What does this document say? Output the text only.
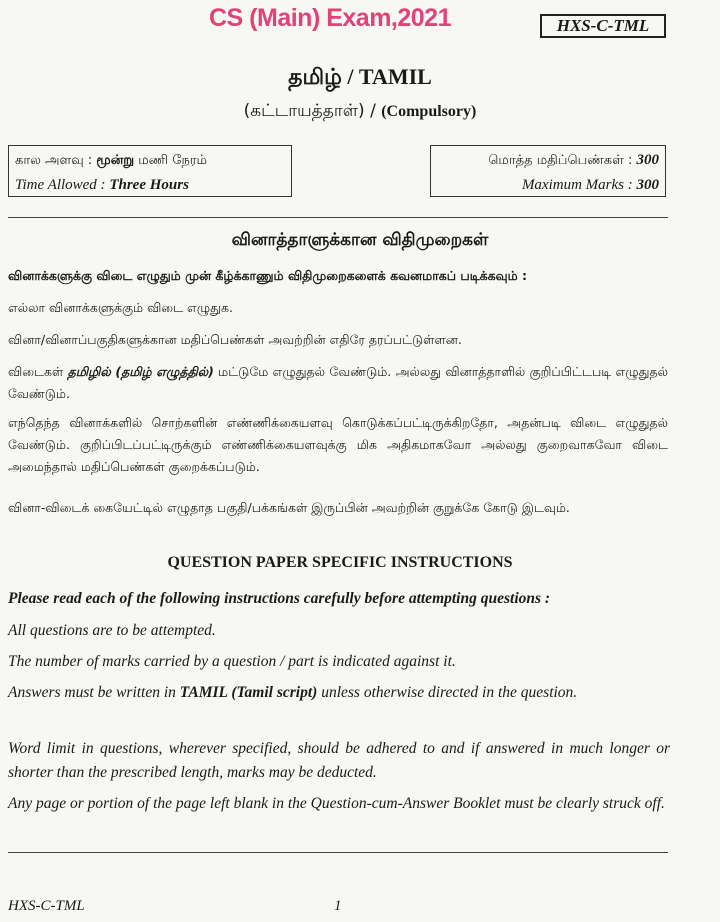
CS (Main) Exam,2021	HXS-C-TML
தமிழ் / TAMIL
(கட்டாயத்தாள்) / (Compulsory)
கால அளவு : மூன்று மணி நேரம்
Time Allowed : Three Hours
மொத்த மதிப்பெண்கள் : 300
Maximum Marks : 300
வினாத்தாளுக்கான விதிமுறைகள்
வினாக்களுக்கு விடை எழுதும் முன் கீழ்க்காணும் விதிமுறைகளைக் கவனமாகப் படிக்கவும் :
எல்லா வினாக்களுக்கும் விடை எழுதுக.
வினா/வினாப்பகுதிகளுக்கான மதிப்பெண்கள் அவற்றின் எதிரே தரப்பட்டுள்ளன.
விடைகள் தமிழில் (தமிழ் எழுத்தில்) மட்டுமே எழுதுதல் வேண்டும். அல்லது வினாத்தாளில் குறிப்பிட்டபடி எழுதுதல் வேண்டும்.
எந்தெந்த வினாக்களில் சொற்களின் எண்ணிக்கையளவு கொடுக்கப்பட்டிருக்கிறதோ, அதன்படி விடை எழுதுதல் வேண்டும். குறிப்பிடப்பட்டிருக்கும் எண்ணிக்கையளவுக்கு மிக அதிகமாகவோ அல்லது குறைவாகவோ விடை அமைந்தால் மதிப்பெண்கள் குறைக்கப்படும்.
வினா-விடைக் கையேட்டில் எழுதாத பகுதி/பக்கங்கள் இருப்பின் அவற்றின் குறுக்கே கோடு இடவும்.
QUESTION PAPER SPECIFIC INSTRUCTIONS
Please read each of the following instructions carefully before attempting questions :
All questions are to be attempted.
The number of marks carried by a question / part is indicated against it.
Answers must be written in TAMIL (Tamil script) unless otherwise directed in the question.
Word limit in questions, wherever specified, should be adhered to and if answered in much longer or shorter than the prescribed length, marks may be deducted.
Any page or portion of the page left blank in the Question-cum-Answer Booklet must be clearly struck off.
HXS-C-TML	1
